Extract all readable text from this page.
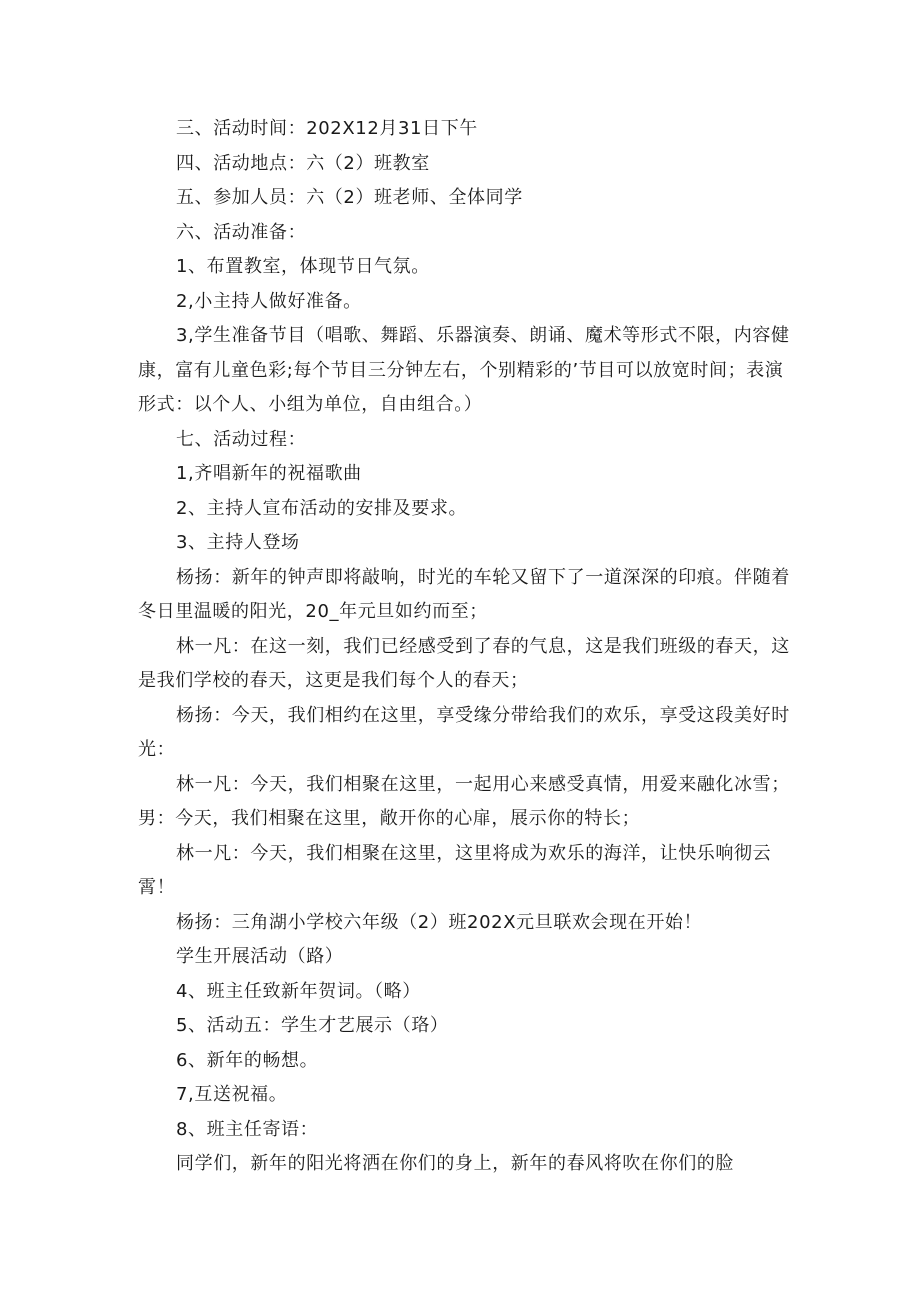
三、活动时间：202X12月31日下午

四、活动地点：六（2）班教室

五、参加人员：六（2）班老师、全体同学

六、活动准备：

1、布置教室，体现节日气氛。

2,小主持人做好准备。

3,学生准备节目（唱歌、舞蹈、乐器演奏、朗诵、魔术等形式不限，内容健康，富有儿童色彩;每个节目三分钟左右，个别精彩的’节目可以放宽时间；表演形式：以个人、小组为单位，自由组合。）

七、活动过程：

1,齐唱新年的祝福歌曲

2、主持人宣布活动的安排及要求。

3、主持人登场

杨扬：新年的钟声即将敲响，时光的车轮又留下了一道深深的印痕。伴随着冬日里温暖的阳光，20_年元旦如约而至；

林一凡：在这一刻，我们已经感受到了春的气息，这是我们班级的春天，这是我们学校的春天，这更是我们每个人的春天；

杨扬：今天，我们相约在这里，享受缘分带给我们的欢乐，享受这段美好时光：

林一凡：今天，我们相聚在这里，一起用心来感受真情，用爱来融化冰雪；男：今天，我们相聚在这里，敞开你的心扉，展示你的特长；

林一凡：今天，我们相聚在这里，这里将成为欢乐的海洋，让快乐响彻云霄！

杨扬：三角湖小学校六年级（2）班202X元旦联欢会现在开始！

学生开展活动（路）

4、班主任致新年贺词。（略）

5、活动五：学生才艺展示（珞）

6、新年的畅想。

7,互送祝福。

8、班主任寄语：

同学们，新年的阳光将洒在你们的身上，新年的春风将吹在你们的脸
